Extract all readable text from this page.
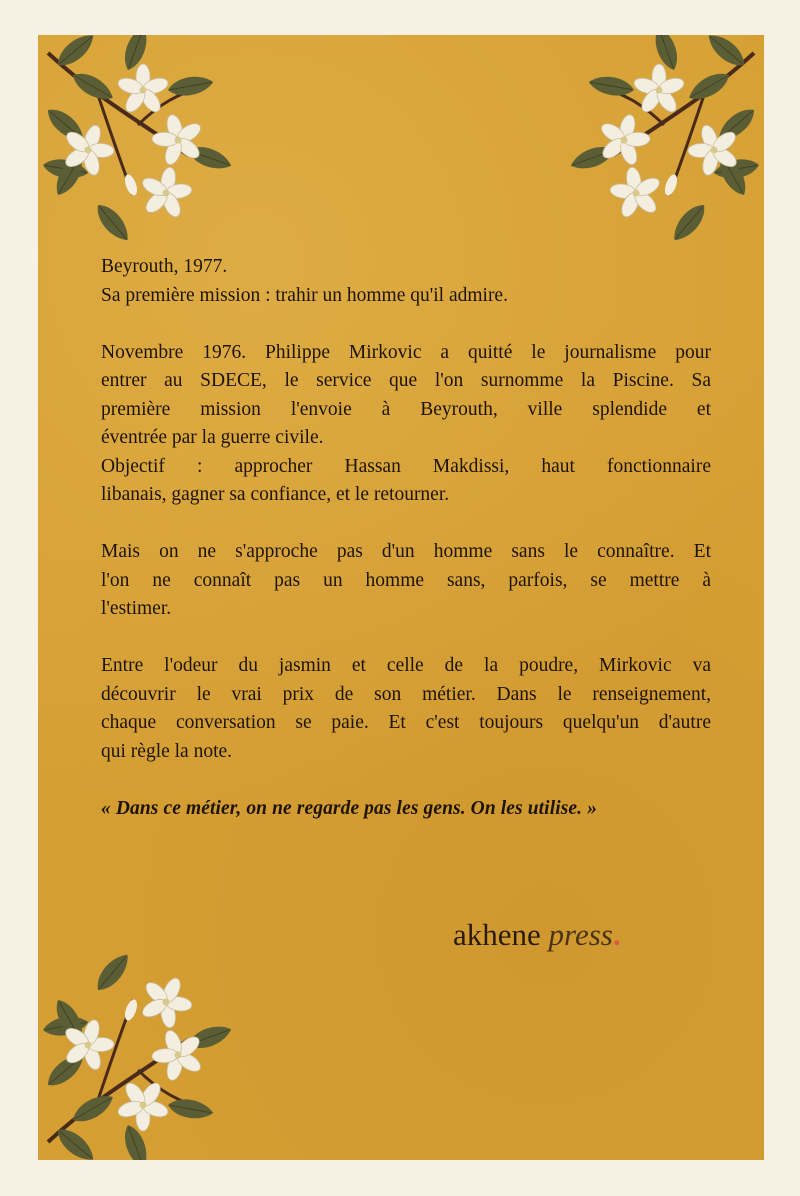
Beyrouth, 1977.
Sa première mission : trahir un homme qu'il admire.

Novembre 1976. Philippe Mirkovic a quitté le journalisme pour
entrer au SDECE, le service que l'on surnomme la Piscine. Sa
première mission l'envoie à Beyrouth, ville splendide et
éventrée par la guerre civile.
Objectif : approcher Hassan Makdissi, haut fonctionnaire
libanais, gagner sa confiance, et le retourner.

Mais on ne s'approche pas d'un homme sans le connaître. Et
l'on ne connaît pas un homme sans, parfois, se mettre à
l'estimer.

Entre l'odeur du jasmin et celle de la poudre, Mirkovic va
découvrir le vrai prix de son métier. Dans le renseignement,
chaque conversation se paie. Et c'est toujours quelqu'un d'autre
qui règle la note.

« Dans ce métier, on ne regarde pas les gens. On les utilise. »

akhene press.
